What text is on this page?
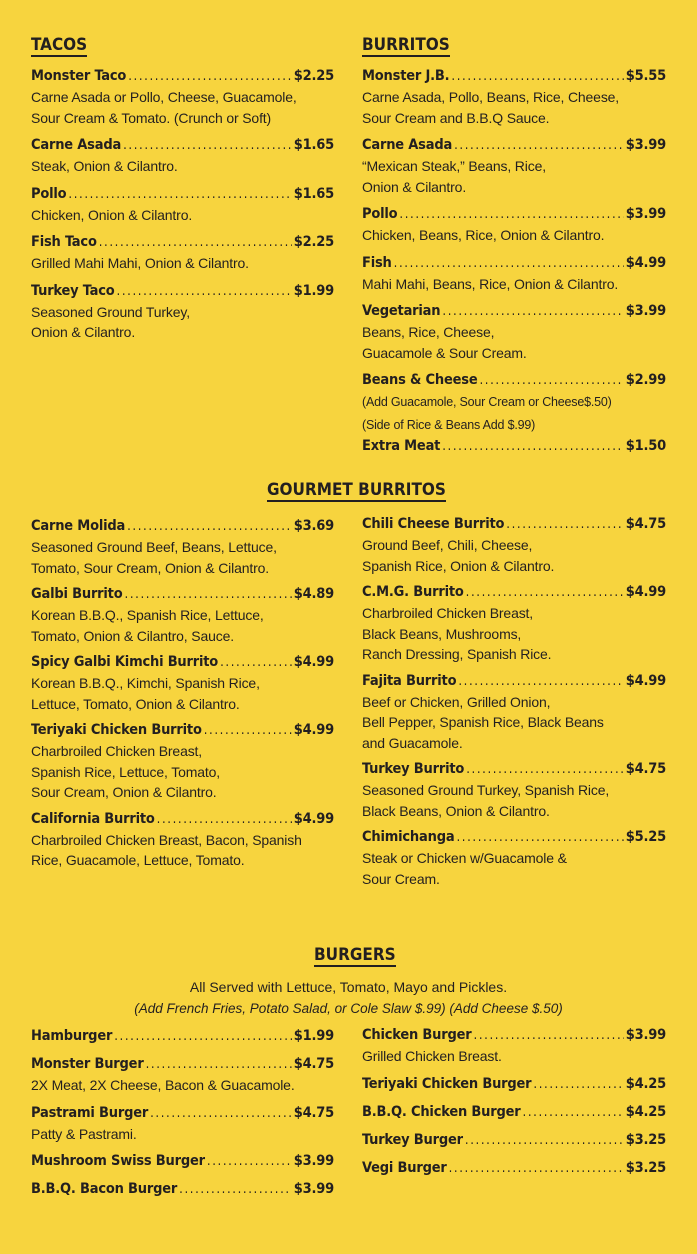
TACOS
Monster Taco .....	$2.25
Carne Asada or Pollo, Cheese, Guacamole,
Sour Cream & Tomato. (Crunch or Soft)
Carne Asada .....	$1.65
Steak, Onion & Cilantro.
Pollo .....	$1.65
Chicken, Onion & Cilantro.
Fish Taco .....	$2.25
Grilled Mahi Mahi, Onion & Cilantro.
Turkey Taco .....	$1.99
Seasoned Ground Turkey,
Onion & Cilantro.
BURRITOS
Monster J.B. .....	$5.55
Carne Asada, Pollo, Beans, Rice, Cheese,
Sour Cream and B.B.Q Sauce.
Carne Asada .....	$3.99
“Mexican Steak,” Beans, Rice,
Onion & Cilantro.
Pollo .....	$3.99
Chicken, Beans, Rice, Onion & Cilantro.
Fish .....	$4.99
Mahi Mahi, Beans, Rice, Onion & Cilantro.
Vegetarian .....	$3.99
Beans, Rice, Cheese,
Guacamole & Sour Cream.
Beans & Cheese .....	$2.99
(Add Guacamole, Sour Cream or Cheese$.50)
(Side of Rice & Beans Add $.99)
Extra Meat .....	$1.50
GOURMET BURRITOS
Carne Molida .....	$3.69
Seasoned Ground Beef, Beans, Lettuce,
Tomato, Sour Cream, Onion & Cilantro.
Galbi Burrito .....	$4.89
Korean B.B.Q., Spanish Rice, Lettuce,
Tomato, Onion & Cilantro, Sauce.
Spicy Galbi Kimchi Burrito .....	$4.99
Korean B.B.Q., Kimchi, Spanish Rice,
Lettuce, Tomato, Onion & Cilantro.
Teriyaki Chicken Burrito .....	$4.99
Charbroiled Chicken Breast,
Spanish Rice, Lettuce, Tomato,
Sour Cream, Onion & Cilantro.
California Burrito .....	$4.99
Charbroiled Chicken Breast, Bacon, Spanish
Rice, Guacamole, Lettuce, Tomato.
Chili Cheese Burrito .....	$4.75
Ground Beef, Chili, Cheese,
Spanish Rice, Onion & Cilantro.
C.M.G. Burrito .....	$4.99
Charbroiled Chicken Breast,
Black Beans, Mushrooms,
Ranch Dressing, Spanish Rice.
Fajita Burrito .....	$4.99
Beef or Chicken, Grilled Onion,
Bell Pepper, Spanish Rice, Black Beans
and Guacamole.
Turkey Burrito .....	$4.75
Seasoned Ground Turkey, Spanish Rice,
Black Beans, Onion & Cilantro.
Chimichanga .....	$5.25
Steak or Chicken w/Guacamole &
Sour Cream.
BURGERS
All Served with Lettuce, Tomato, Mayo and Pickles.
(Add French Fries, Potato Salad, or Cole Slaw $.99) (Add Cheese $.50)
Hamburger .....	$1.99
Monster Burger .....	$4.75
2X Meat, 2X Cheese, Bacon & Guacamole.
Pastrami Burger .....	$4.75
Patty & Pastrami.
Mushroom Swiss Burger .....	$3.99
B.B.Q. Bacon Burger .....	$3.99
Chicken Burger .....	$3.99
Grilled Chicken Breast.
Teriyaki Chicken Burger .....	$4.25
B.B.Q. Chicken Burger .....	$4.25
Turkey Burger .....	$3.25
Vegi Burger .....	$3.25
